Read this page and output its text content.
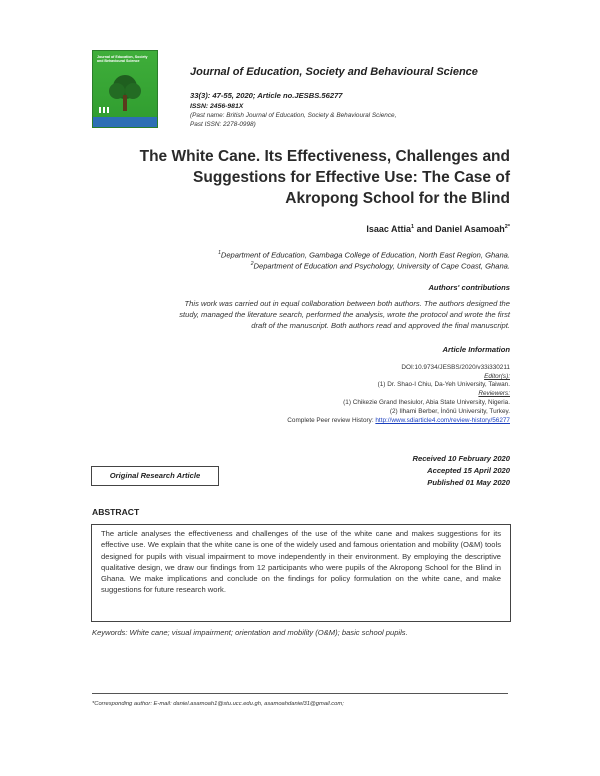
Journal of Education, Society and Behavioural Science
Journal of Education, Society and Behavioural Science
33(3): 47-55, 2020; Article no.JESBS.56277
ISSN: 2456-981X
(Past name: British Journal of Education, Society & Behavioural Science,
Past ISSN: 2278-0998)
The White Cane. Its Effectiveness, Challenges and
Suggestions for Effective Use: The Case of
Akropong School for the Blind
Isaac Attia$^1$ and Daniel Asamoah$^{2*}$
$^1$Department of Education, Gambaga College of Education, North East Region, Ghana.
$^2$Department of Education and Psychology, University of Cape Coast, Ghana.
Authors' contributions
This work was carried out in equal collaboration between both authors. The authors designed the
study, managed the literature search, performed the analysis, wrote the protocol and wrote the first
draft of the manuscript. Both authors read and approved the final manuscript.
Article Information
DOI:10.9734/JESBS/2020/v33i330211
Editor(s):
(1) Dr. Shao-I Chiu, Da-Yeh University, Taiwan.
Reviewers:
(1) Chikezie Grand Ihesiulor, Abia State University, Nigeria.
(2) Ilhami Berber, İnönü University, Turkey.
Complete Peer review History: http://www.sdiarticle4.com/review-history/56277
Received 10 February 2020
Accepted 15 April 2020
Published 01 May 2020
Original Research Article
ABSTRACT
The article analyses the effectiveness and challenges of the use of the white cane and makes suggestions for its effective use. We explain that the white cane is one of the widely used and famous orientation and mobility (O&M) tools designed for pupils with visual impairment to move independently in their environment. By employing the descriptive qualitative design, we draw our findings from 12 participants who were pupils of the Akropong School for the Blind in Ghana. We make implications and conclude on the findings for policy formulation on the white cane, and make suggestions for future research work.
Keywords: White cane; visual impairment; orientation and mobility (O&M); basic school pupils.
*Corresponding author: E-mail: daniel.asamoah1@stu.ucc.edu.gh, asamoahdaniel31@gmail.com;
